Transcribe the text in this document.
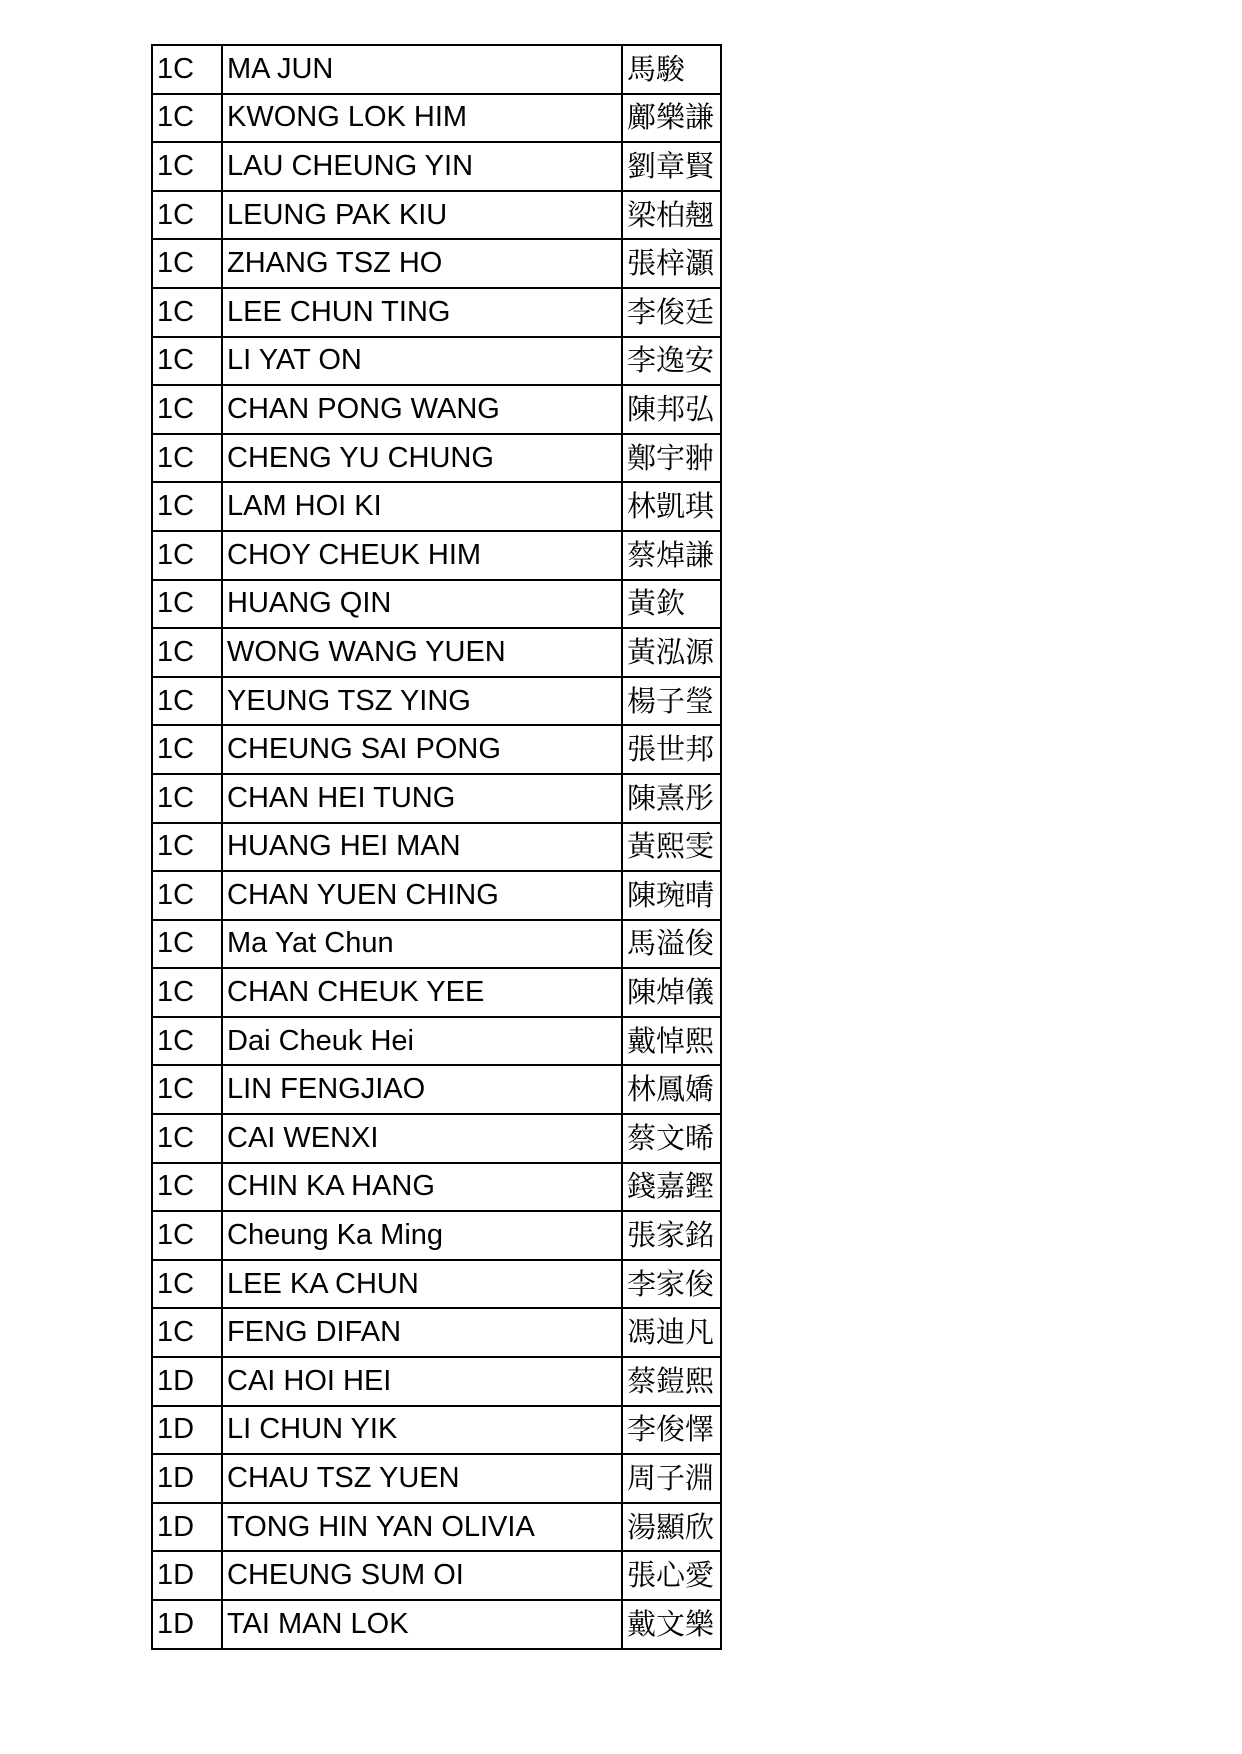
1C	MA JUN	馬駿
1C	KWONG LOK HIM	鄺樂謙
1C	LAU CHEUNG YIN	劉章賢
1C	LEUNG PAK KIU	梁柏翹
1C	ZHANG TSZ HO	張梓灝
1C	LEE CHUN TING	李俊廷
1C	LI YAT ON	李逸安
1C	CHAN PONG WANG	陳邦弘
1C	CHENG YU CHUNG	鄭宇翀
1C	LAM HOI KI	林凱琪
1C	CHOY CHEUK HIM	蔡焯謙
1C	HUANG QIN	黃欽
1C	WONG WANG YUEN	黃泓源
1C	YEUNG TSZ YING	楊子瑩
1C	CHEUNG SAI PONG	張世邦
1C	CHAN HEI TUNG	陳熹彤
1C	HUANG HEI MAN	黃熙雯
1C	CHAN YUEN CHING	陳琬晴
1C	Ma Yat Chun	馬溢俊
1C	CHAN CHEUK YEE	陳焯儀
1C	Dai Cheuk Hei	戴悼熙
1C	LIN FENGJIAO	林鳳嬌
1C	CAI WENXI	蔡文晞
1C	CHIN KA HANG	錢嘉鏗
1C	Cheung Ka Ming	張家銘
1C	LEE KA CHUN	李家俊
1C	FENG DIFAN	馮迪凡
1D	CAI HOI HEI	蔡鎧熙
1D	LI CHUN YIK	李俊懌
1D	CHAU TSZ YUEN	周子淵
1D	TONG HIN YAN OLIVIA	湯顯欣
1D	CHEUNG SUM OI	張心愛
1D	TAI MAN LOK	戴文樂
